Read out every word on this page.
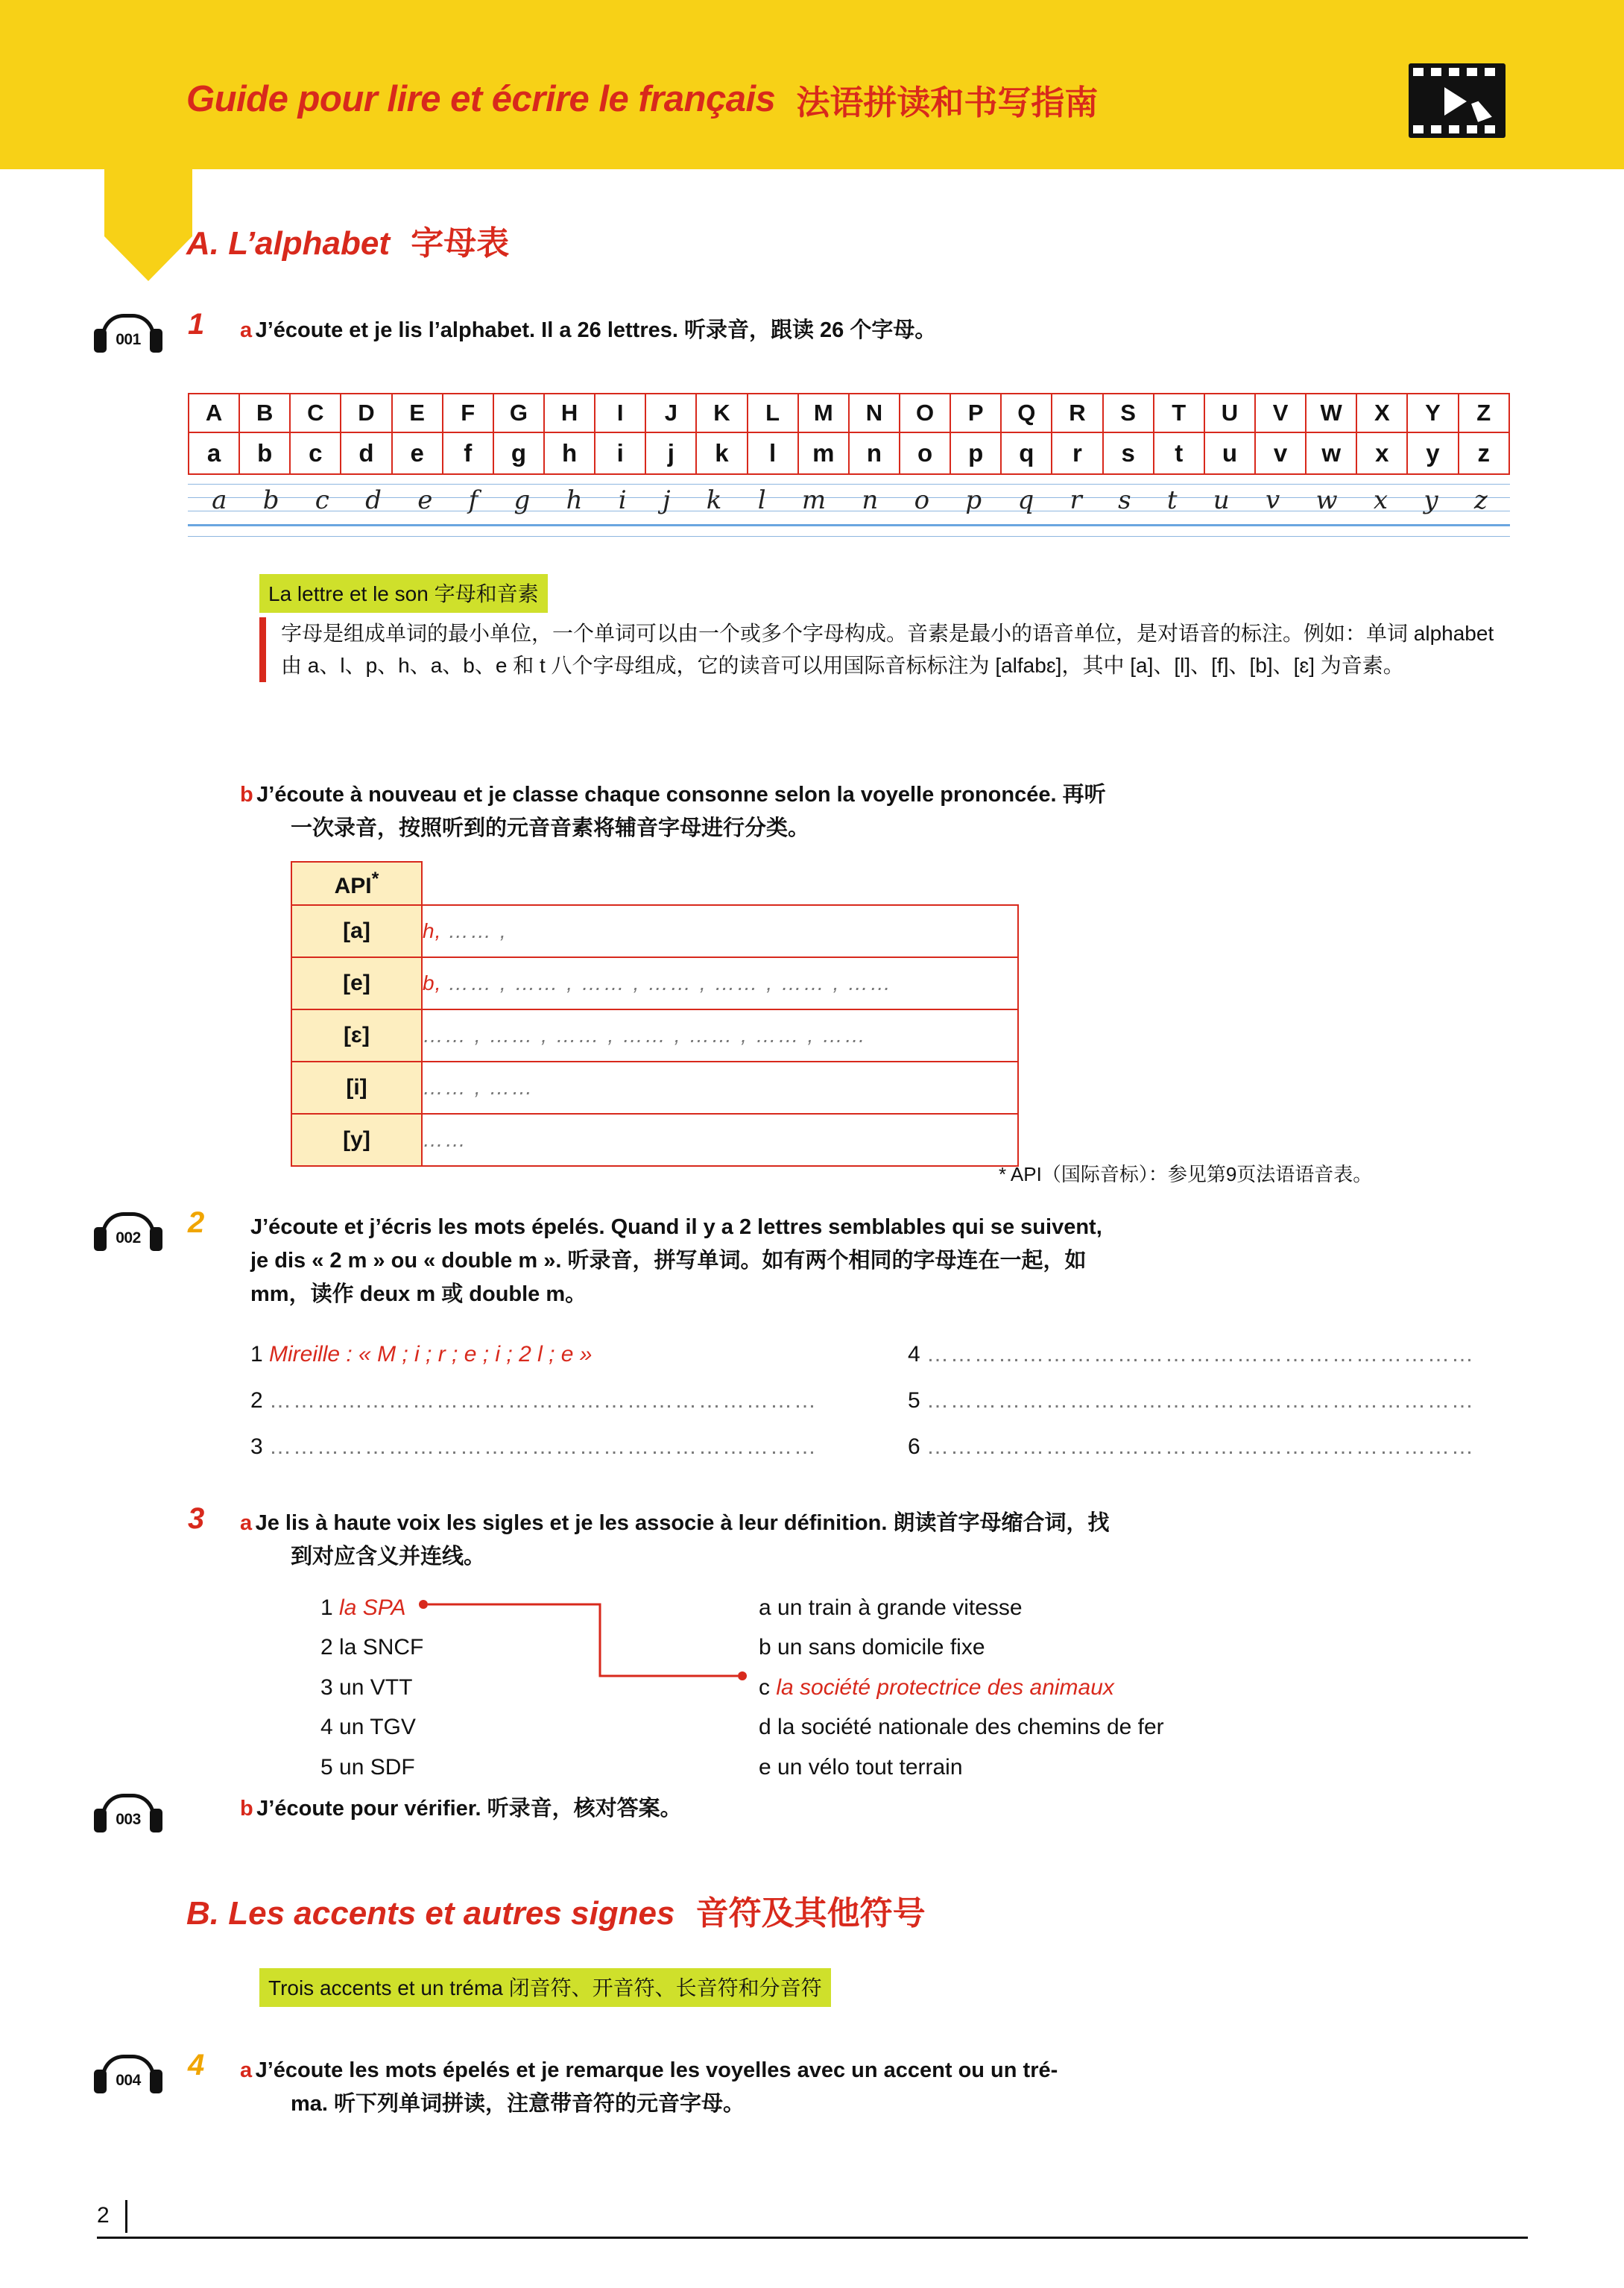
Guide pour lire et écrire le français 法语拼读和书写指南
A. L’alphabet 字母表
001 1 a J’écoute et je lis l’alphabet. Il a 26 lettres. 听录音，跟读 26 个字母。
A	B	C	D	E	F	G	H	I	J	K	L	M	N	O	P	Q	R	S	T	U	V	W	X	Y	Z
a	b	c	d	e	f	g	h	i	j	k	l	m	n	o	p	q	r	s	t	u	v	w	x	y	z
a b c d e f g h i j k l m n o p q r s t u v w x y z
La lettre et le son 字母和音素
字母是组成单词的最小单位，一个单词可以由一个或多个字母构成。音素是最小的语音单位，是对语音的标注。例如：单词 alphabet 由 a、l、p、h、a、b、e 和 t 八个字母组成，它的读音可以用国际音标标注为 [alfabɛ]，其中 [a]、[l]、[f]、[b]、[ɛ] 为音素。
b J’écoute à nouveau et je classe chaque consonne selon la voyelle prononcée. 再听
一次录音，按照听到的元音音素将辅音字母进行分类。
API*
[a]	h, …… ,
[e]	b, …… , …… , …… , …… , …… , …… , ……
[ɛ]	…… , …… , …… , …… , …… , …… , ……
[i]	…… , ……
[y]	……
* API（国际音标）：参见第9页法语语音表。
002 2 J’écoute et j’écris les mots épelés. Quand il y a 2 lettres semblables qui se suivent,
je dis « 2 m » ou « double m ». 听录音，拼写单词。如有两个相同的字母连在一起，如
mm，读作 deux m 或 double m。
1 Mireille : « M ; i ; r ; e ; i ; 2 l ; e »
2 ……………………………………………………………
3 ……………………………………………………………
4 ……………………………………………………………
5 ……………………………………………………………
6 ……………………………………………………………
3 a Je lis à haute voix les sigles et je les associe à leur définition. 朗读首字母缩合词，找
到对应含义并连线。
1 la SPA
2 la SNCF
3 un VTT
4 un TGV
5 un SDF
a un train à grande vitesse
b un sans domicile fixe
c la société protectrice des animaux
d la société nationale des chemins de fer
e un vélo tout terrain
003	b J’écoute pour vérifier. 听录音，核对答案。
B. Les accents et autres signes 音符及其他符号
Trois accents et un tréma 闭音符、开音符、长音符和分音符
004 4 a J’écoute les mots épelés et je remarque les voyelles avec un accent ou un tré-
ma. 听下列单词拼读，注意带音符的元音字母。
2
